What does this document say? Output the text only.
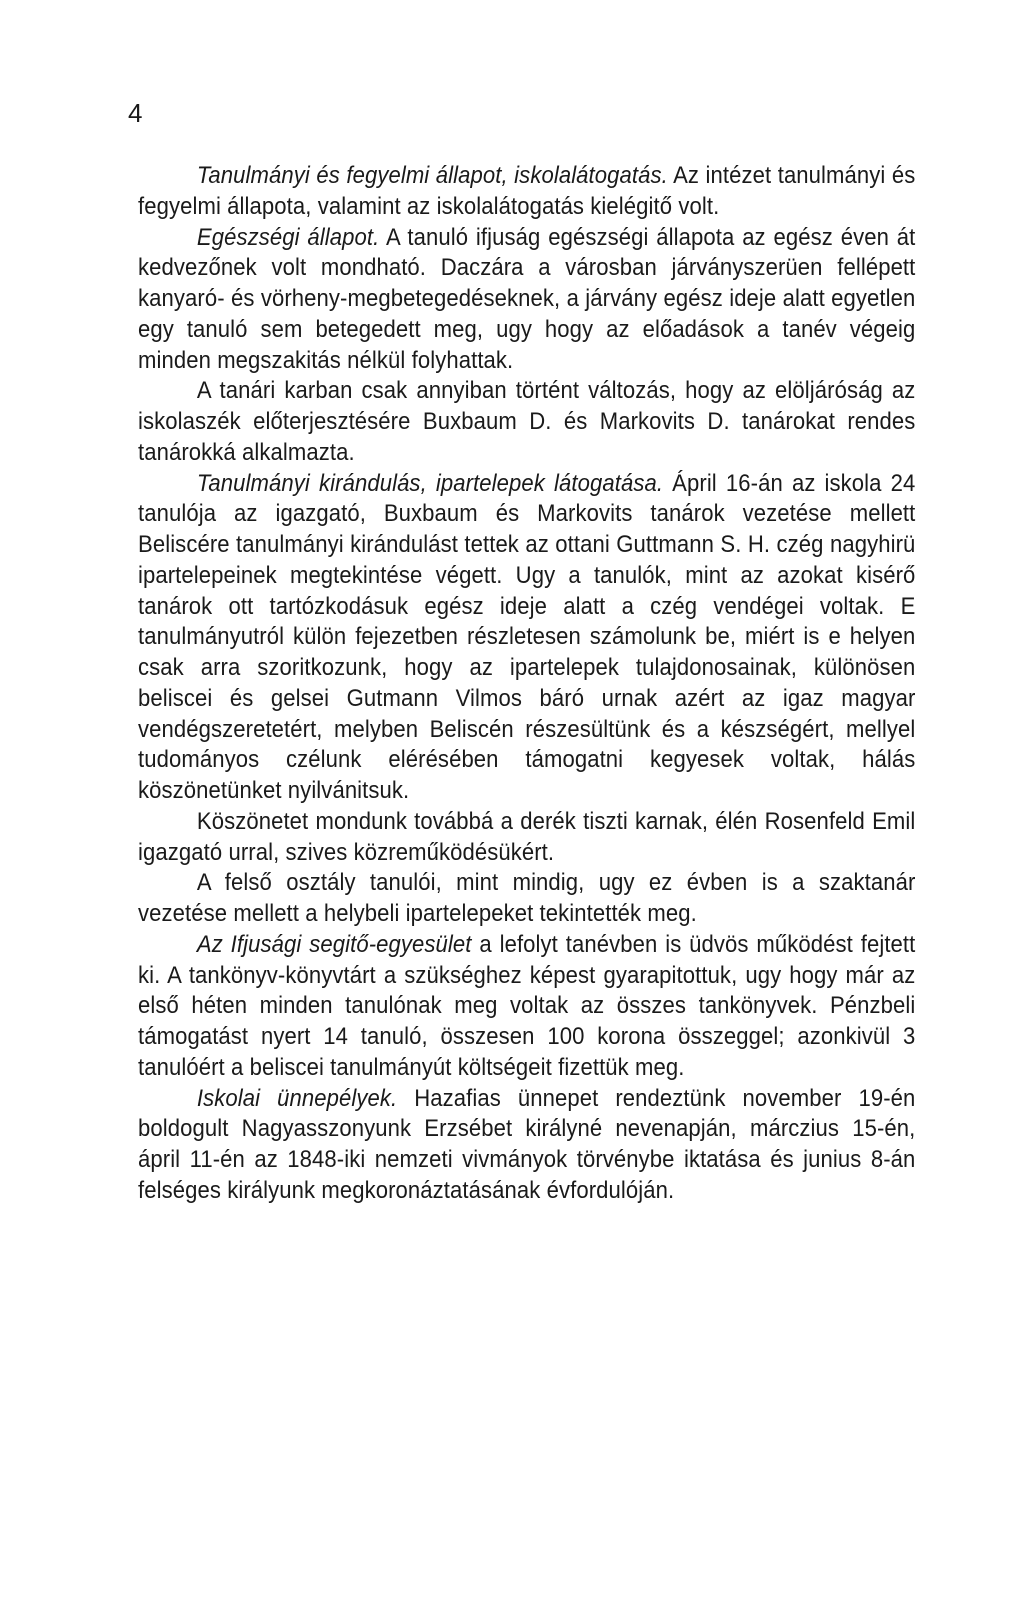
4

Tanulmányi és fegyelmi állapot, iskolalátogatás. Az intézet tanulmányi és fegyelmi állapota, valamint az iskolalátogatás kielégitő volt.

Egészségi állapot. A tanuló ifjuság egészségi állapota az egész éven át kedvezőnek volt mondható. Daczára a városban járványszerüen fellépett kanyaró- és vörheny-megbetegedéseknek, a járvány egész ideje alatt egyetlen egy tanuló sem betegedett meg, ugy hogy az előadások a tanév végeig minden megszakitás nélkül folyhattak.

A tanári karban csak annyiban történt változás, hogy az elöljáróság az iskolaszék előterjesztésére Buxbaum D. és Markovits D. tanárokat rendes tanárokká alkalmazta.

Tanulmányi kirándulás, ipartelepek látogatása. Ápril 16-án az iskola 24 tanulója az igazgató, Buxbaum és Markovits tanárok vezetése mellett Beliscére tanulmányi kirándulást tettek az ottani Guttmann S. H. czég nagyhirü ipartelepeinek megtekintése végett. Ugy a tanulók, mint az azokat kisérő tanárok ott tartózkodásuk egész ideje alatt a czég vendégei voltak. E tanulmányutról külön fejezetben részletesen számolunk be, miért is e helyen csak arra szoritkozunk, hogy az ipartelepek tulajdonosainak, különösen beliscei és gelsei Gutmann Vilmos báró urnak azért az igaz magyar vendégszeretetért, melyben Beliscén részesültünk és a készségért, mellyel tudományos czélunk elérésében támogatni kegyesek voltak, hálás köszönetünket nyilvánitsuk.

Köszönetet mondunk továbbá a derék tiszti karnak, élén Rosenfeld Emil igazgató urral, szives közreműködésükért.

A felső osztály tanulói, mint mindig, ugy ez évben is a szaktanár vezetése mellett a helybeli ipartelepeket tekintették meg.

Az Ifjusági segitő-egyesület a lefolyt tanévben is üdvös működést fejtett ki. A tankönyv-könyvtárt a szükséghez képest gyarapitottuk, ugy hogy már az első héten minden tanulónak meg voltak az összes tankönyvek. Pénzbeli támogatást nyert 14 tanuló, összesen 100 korona összeggel; azonkivül 3 tanulóért a beliscei tanulmányút költségeit fizettük meg.

Iskolai ünnepélyek. Hazafias ünnepet rendeztünk november 19-én boldogult Nagyasszonyunk Erzsébet királyné nevenapján, márczius 15-én, ápril 11-én az 1848-iki nemzeti vivmányok törvénybe iktatása és junius 8-án felséges királyunk megkoronáztatásának évfordulóján.
